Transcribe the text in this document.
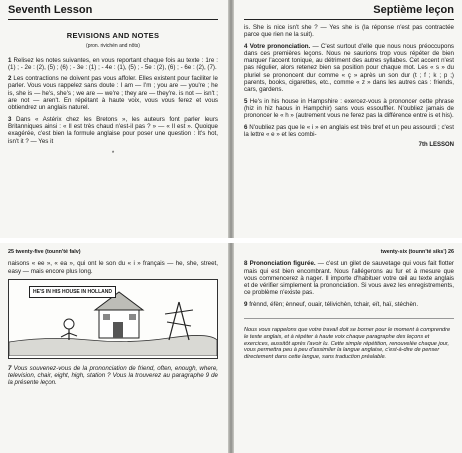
Seventh Lesson
REVISIONS AND NOTES
(pron. rivichén and nôts)

1 Relisez les notes suivantes, en vous reportant chaque fois au texte : 1re : (1) ; - 2e : (2), (5) ; (6) ; - 3e : (1) ; - 4e : (1), (5) ; - 5e : (2), (6) ; - 6e : (2), (7).

2 Les contractions ne doivent pas vous affoler. Elles existent pour faciliter le parler. Vous vous rappelez sans doute : I am — I'm ; you are — you're ; he is, she is — he's, she's ; we are — we're ; they are — they're. is not — isn't ; are not — aren't. En répétant à haute voix, vous vous ferez et vous obtiendrez un anglais naturel.

3 Dans « Astérix chez les Bretons », les auteurs font parler leurs Britanniques ainsi : « Il est très chaud n'est-il pas ? » — « Il est ». Quoique exagérée, c'est bien la formule anglaise pour poser une question : It's hot, isn't it ? — Yes it

*
Septième leçon

is. She is nice isn't she ? — Yes she is (la réponse n'est pas contractée parce que rien ne la suit).

4 Votre prononciation. — C'est surtout d'elle que nous nous préoccupons dans ces premières leçons. Nous ne saurions trop vous répéter de bien marquer l'accent tonique, au détriment des autres syllabes. Cet accent n'est pas régulier, alors retenez bien sa position pour chaque mot. Les « s » du pluriel se prononcent dur comme « ç » après un son dur (t ; f ; k ; p ;) parents, books, cigarettes, etc., comme « z » dans les autres cas : friends, cars, gardens.

5 He's in his house in Hampshire : exercez-vous à prononcer cette phrase (hiz in hiz haous in Hampchir) sans vous essouffler. N'oubliez jamais de prononcer le « h » (autrement vous ne ferez pas la différence entre is et his).

6 N'oubliez pas que le « i » en anglais est très bref et un peu assourdi ; c'est la lettre « e » et les combi-

7th LESSON
25 twenty-five (tounn'té faïv)

naisons « ee », « ea », qui ont le son du « i » français — he, she, street, easy — mais encore plus long.

HE'S IN HIS HOUSE IN HOLLAND

7 Vous souvenez-vous de la prononciation de friend, often, enough, where, television, chair, eight, high, station ? Vous la trouverez au paragraphe 9 de la présente leçon.

twenty-six (tounn'té siks') 26

8 Prononciation figurée. — c'est un gilet de sauvetage qui vous fait flotter mais qui est bien encombrant. Nous l'allégerons au fur et à mesure que vous commencerez à nager. Il importe d'habituer votre œil au texte anglais et de vérifier simplement la prononciation. Si vous avez les enregistrements, ce problème n'existe pas.

9 frènnd, éfèn; ènneuf, ouair, télivichèn, tchair, eït, haï, stéchèn.

Nous vous rappelons que votre travail doit se borner pour le moment à comprendre le texte anglais, et à répéter à haute voix chaque paragraphe des leçons et exercices, aussitôt après l'avoir lu. Cette simple répétition, renouvelée chaque jour, vous permettra peu à peu d'assimiler la langue anglaise, c'est-à-dire de penser directement dans cette langue, sans traduction préalable.
